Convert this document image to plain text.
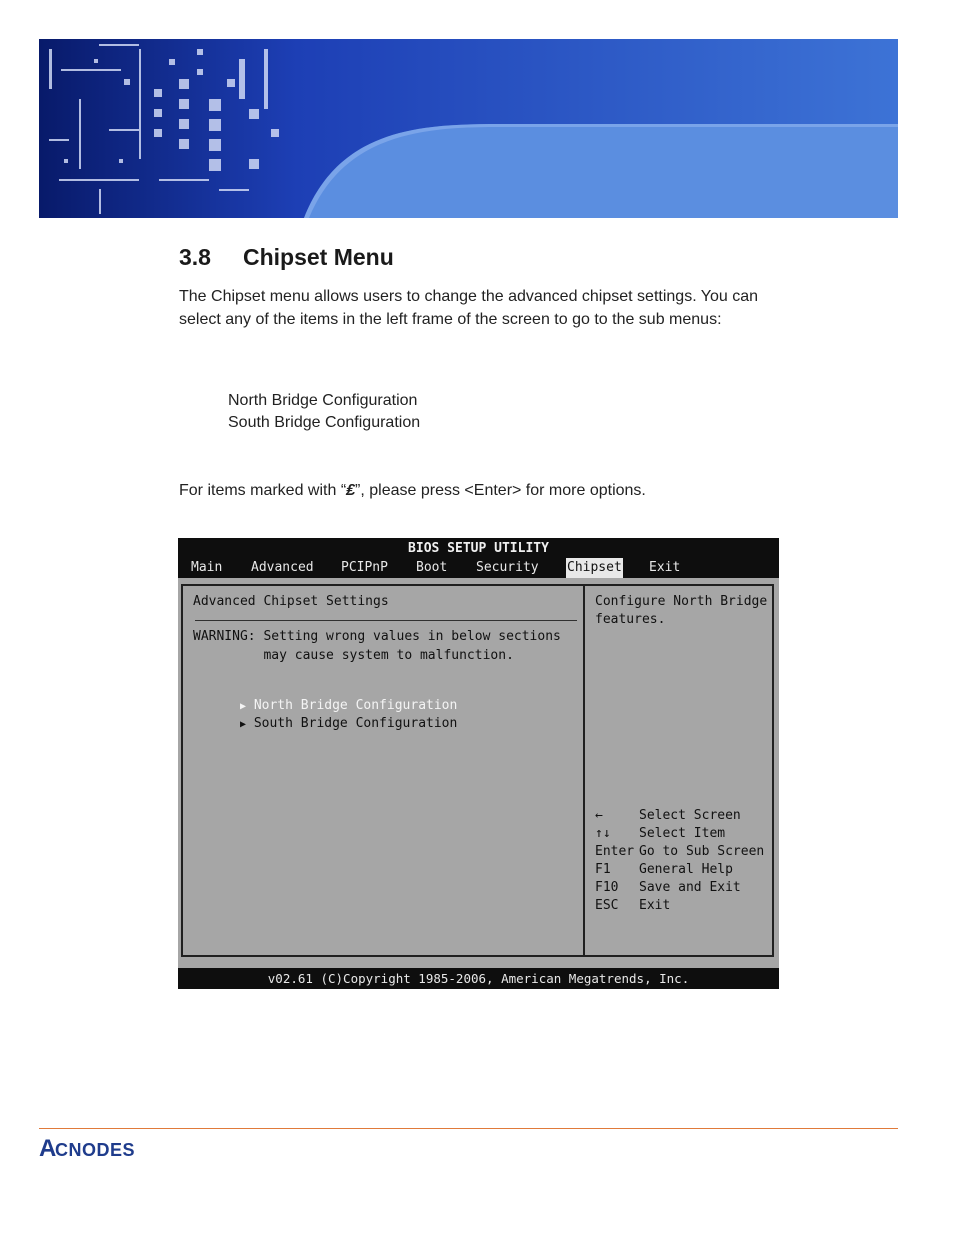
3.8 Chipset Menu
The Chipset menu allows users to change the advanced chipset settings. You can select any of the items in the left frame of the screen to go to the sub menus:
North Bridge Configuration
South Bridge Configuration
For items marked with “₤”, please press <Enter> for more options.
BIOS SETUP UTILITY
Main Advanced PCIPnP Boot Security Chipset Exit
Advanced Chipset Settings
WARNING: Setting wrong values in below sections
may cause system to malfunction.

▶ North Bridge Configuration

▶ South Bridge Configuration

Configure North Bridge
features.
←	Select Screen
↑↓ Select Item
Enter Go to Sub Screen
F1 General Help
F10 Save and Exit
ESC Exit
v02.61 (C)Copyright 1985-2006, American Megatrends, Inc.
A CNODES
